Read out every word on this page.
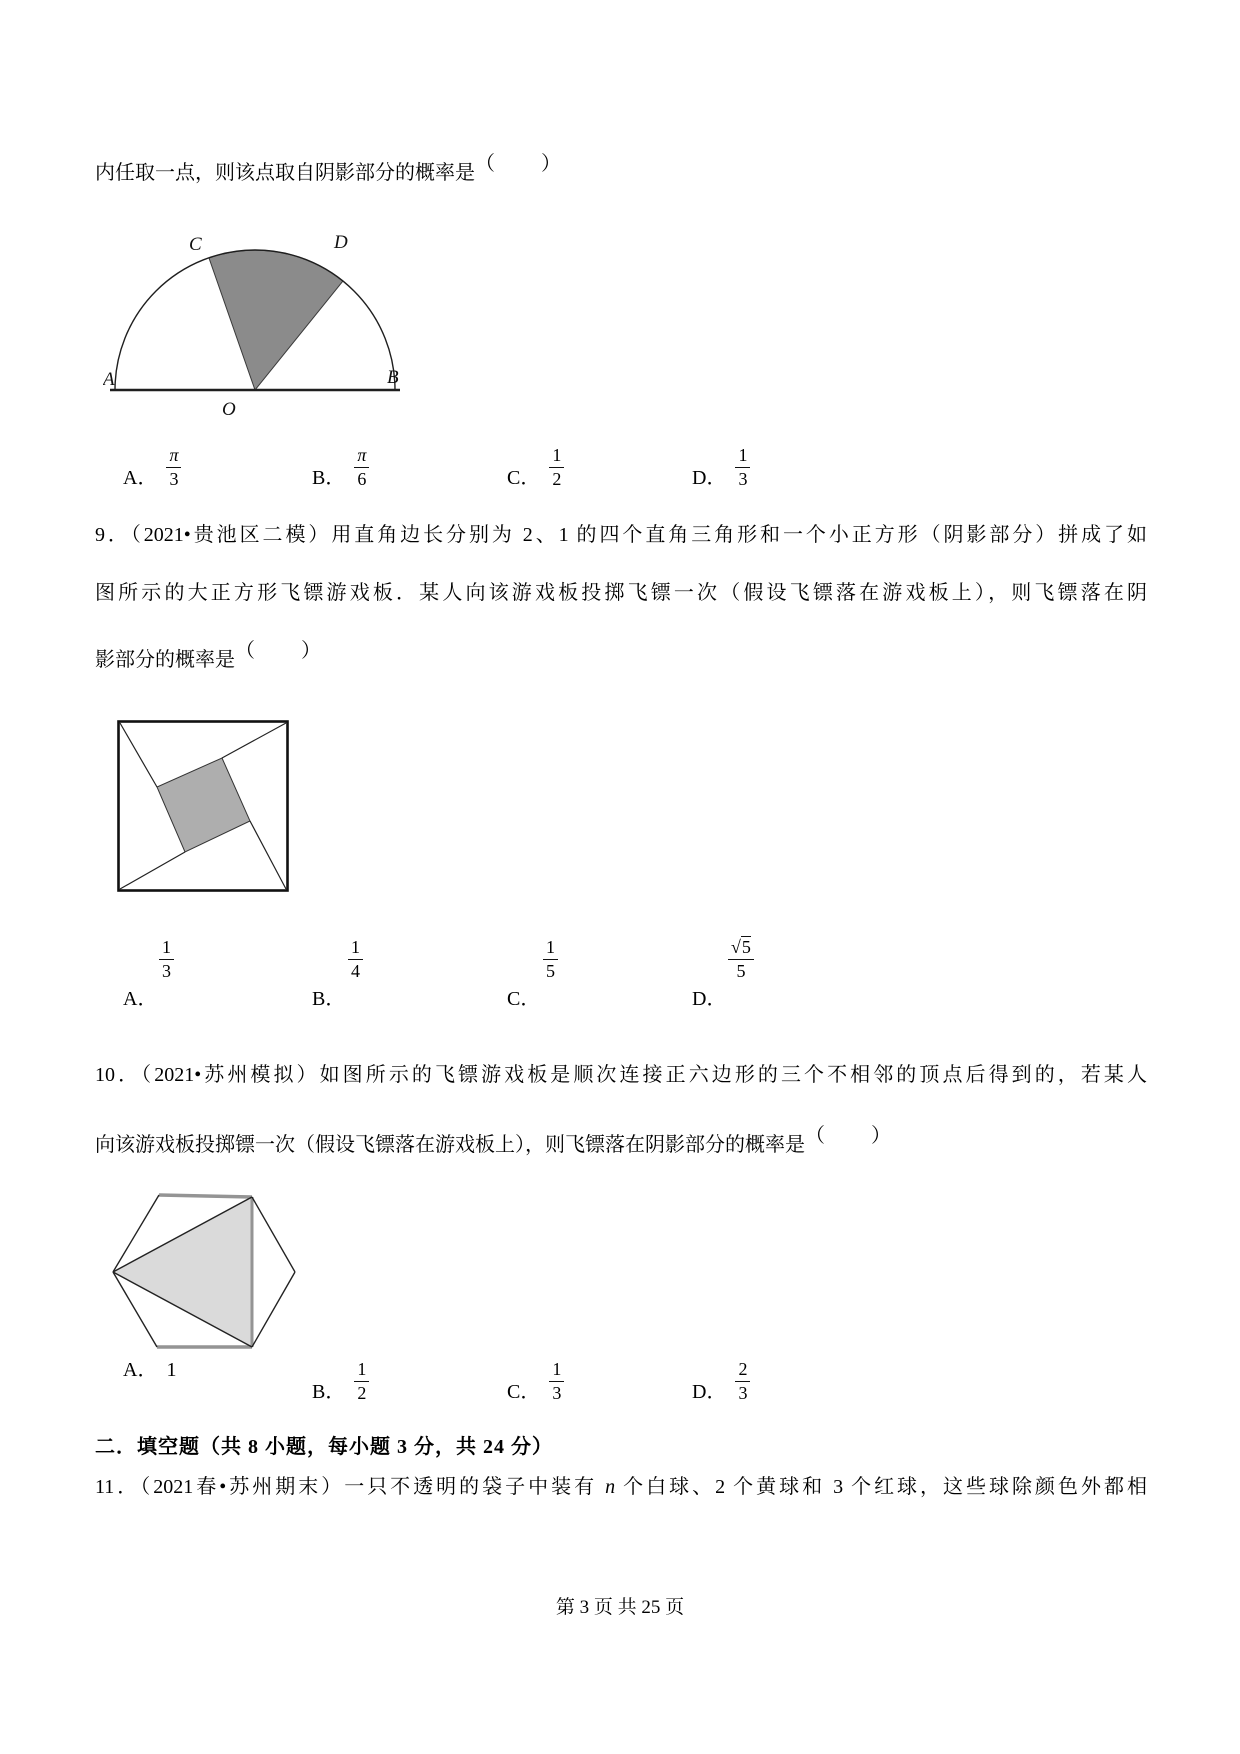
内任取一点，则该点取自阴影部分的概率是（　　）
C	D
A	B
O
A． $\frac{\pi}{3}$	B． $\frac{\pi}{6}$	C． $\frac{1}{2}$	D． $\frac{1}{3}$
9．（2021•贵池区二模）用直角边长分别为 2、1 的四个直角三角形和一个小正方形（阴影部分）拼成了如
图所示的大正方形飞镖游戏板．某人向该游戏板投掷飞镖一次（假设飞镖落在游戏板上），则飞镖落在阴
影部分的概率是（　　）
$\frac{1}{3}$
A．
$\frac{1}{4}$
B．
$\frac{1}{5}$
C．
$\frac{√5}{5}$
D．
10．（2021•苏州模拟）如图所示的飞镖游戏板是顺次连接正六边形的三个不相邻的顶点后得到的，若某人
向该游戏板投掷镖一次（假设飞镖落在游戏板上），则飞镖落在阴影部分的概率是（　　）
A． 1
B． $\frac{1}{2}$	C． $\frac{1}{3}$	D． $\frac{2}{3}$
二．填空题（共 8 小题，每小题 3 分，共 24 分）
11．（2021春•苏州期末）一只不透明的袋子中装有 n 个白球、2 个黄球和 3 个红球，这些球除颜色外都相
第 3 页 共 25 页
